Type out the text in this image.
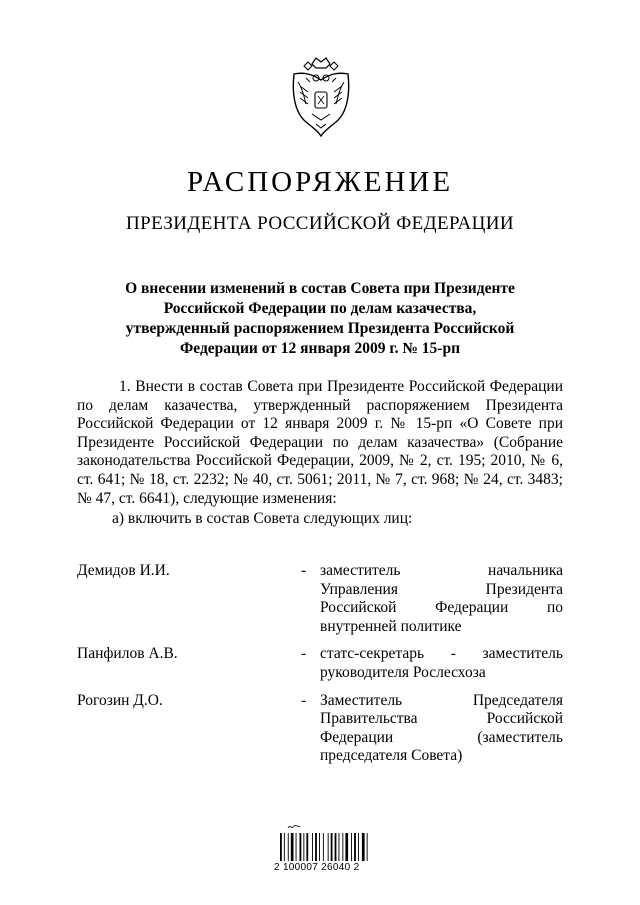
РАСПОРЯЖЕНИЕ
ПРЕЗИДЕНТА РОССИЙСКОЙ ФЕДЕРАЦИИ
О внесении изменений в состав Совета при Президенте
Российской Федерации по делам казачества,
утвержденный распоряжением Президента Российской
Федерации от 12 января 2009 г. № 15-рп

1. Внести в состав Совета при Президенте Российской Федерации по делам казачества, утвержденный распоряжением Президента Российской Федерации от 12 января 2009 г. № 15-рп «О Совете при Президенте Российской Федерации по делам казачества» (Собрание законодательства Российской Федерации, 2009, № 2, ст. 195; 2010, № 6, ст. 641; № 18, ст. 2232; № 40, ст. 5061; 2011, № 7, ст. 968; № 24, ст. 3483; № 47, ст. 6641), следующие изменения:

а) включить в состав Совета следующих лиц:

Демидов И.И.	- заместитель начальника
Управления Президента
Российской Федерации по
внутренней политике
Панфилов А.В.	- статс-секретарь - заместитель
руководителя Рослесхоза
Рогозин Д.О.	- Заместитель Председателя
Правительства Российской
Федерации (заместитель
председателя Совета)
2 100007 26040 2
